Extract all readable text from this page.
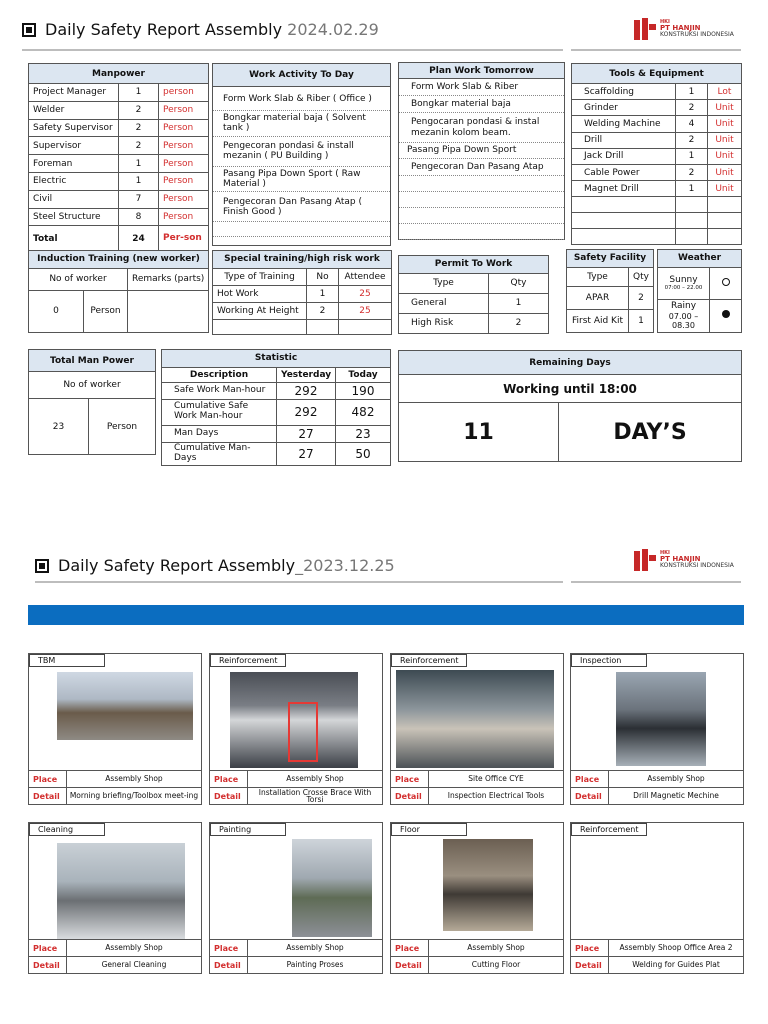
Daily Safety Report Assembly
2024.02.29	HKI
PT HANJIN
KONSTRUKSI INDONESIA
Manpower		
Project Manager	1	person
Welder	2	Person
Safety Supervisor	2	Person
Supervisor	2	Person
Foreman	1	Person
Electric	1	Person
Civil	7	Person
Steel Structure	8	Person
Total	24	Per-son
Work Activity To Day
Form Work Slab & Riber ( Office )
Bongkar material baja ( Solvent tank )
Pengecoran pondasi & install mezanin ( PU Building )
Pasang Pipa Down Sport ( Raw Material )
Pengecoran Dan Pasang Atap ( Finish Good )
Plan Work Tomorrow
Form Work Slab & Riber
Bongkar material baja
Pengocaran pondasi & instal mezanin kolom beam.
Pasang Pipa Down Sport
Pengecoran Dan Pasang Atap
Tools & Equipment		
Scaffolding	1	Lot
Grinder	2	Unit
Welding Machine	4	Unit
Drill	2	Unit
Jack Drill	1	Unit
Cable Power	2	Unit
Magnet Drill	1	Unit

Induction Training (new worker)		
No of worker		Remarks (parts)
0	Person	
Special training/high risk work		
Type of Training	No	Attendee
Hot Work	1	25
Working At Height	2	25

Permit To Work	
Type	Qty
General	1
High Risk	2
Safety Facility	
Type	Qty
APAR	2
First Aid Kit	1
Weather	

Sunny
07:00 – 22.00	

Rainy
07.00 – 08.30	

Total Man Power
No of worker
23	Person
Statistic		
Description	Yesterday	Today
Safe Work Man-hour	292	190
Cumulative Safe Work Man-hour	292	482
Man Days	27	23
Cumulative Man-Days	27	50
Remaining Days
Working until 18:00
11	DAY’S
Daily Safety Report Assembly _2023.12.25
HKI
PT HANJIN
KONSTRUKSI INDONESIA
TBM
Place	Assembly Shop
Detail	Morning briefing/Toolbox meet-ing
Reinforcement
Place	Assembly Shop
Detail	Installation Crosse Brace With Torsi
Reinforcement
Place	Site Office CYE
Detail	Inspection Electrical Tools
Inspection
Place	Assembly Shop
Detail	Drill Magnetic Mechine
Cleaning
Place	Assembly Shop
Detail	General Cleaning
Painting
Place	Assembly Shop
Detail	Painting Proses
Floor
Place	Assembly Shop
Detail	Cutting Floor
Reinforcement
Place	Assembly Shoop Office Area 2
Detail	Welding for Guides Plat
